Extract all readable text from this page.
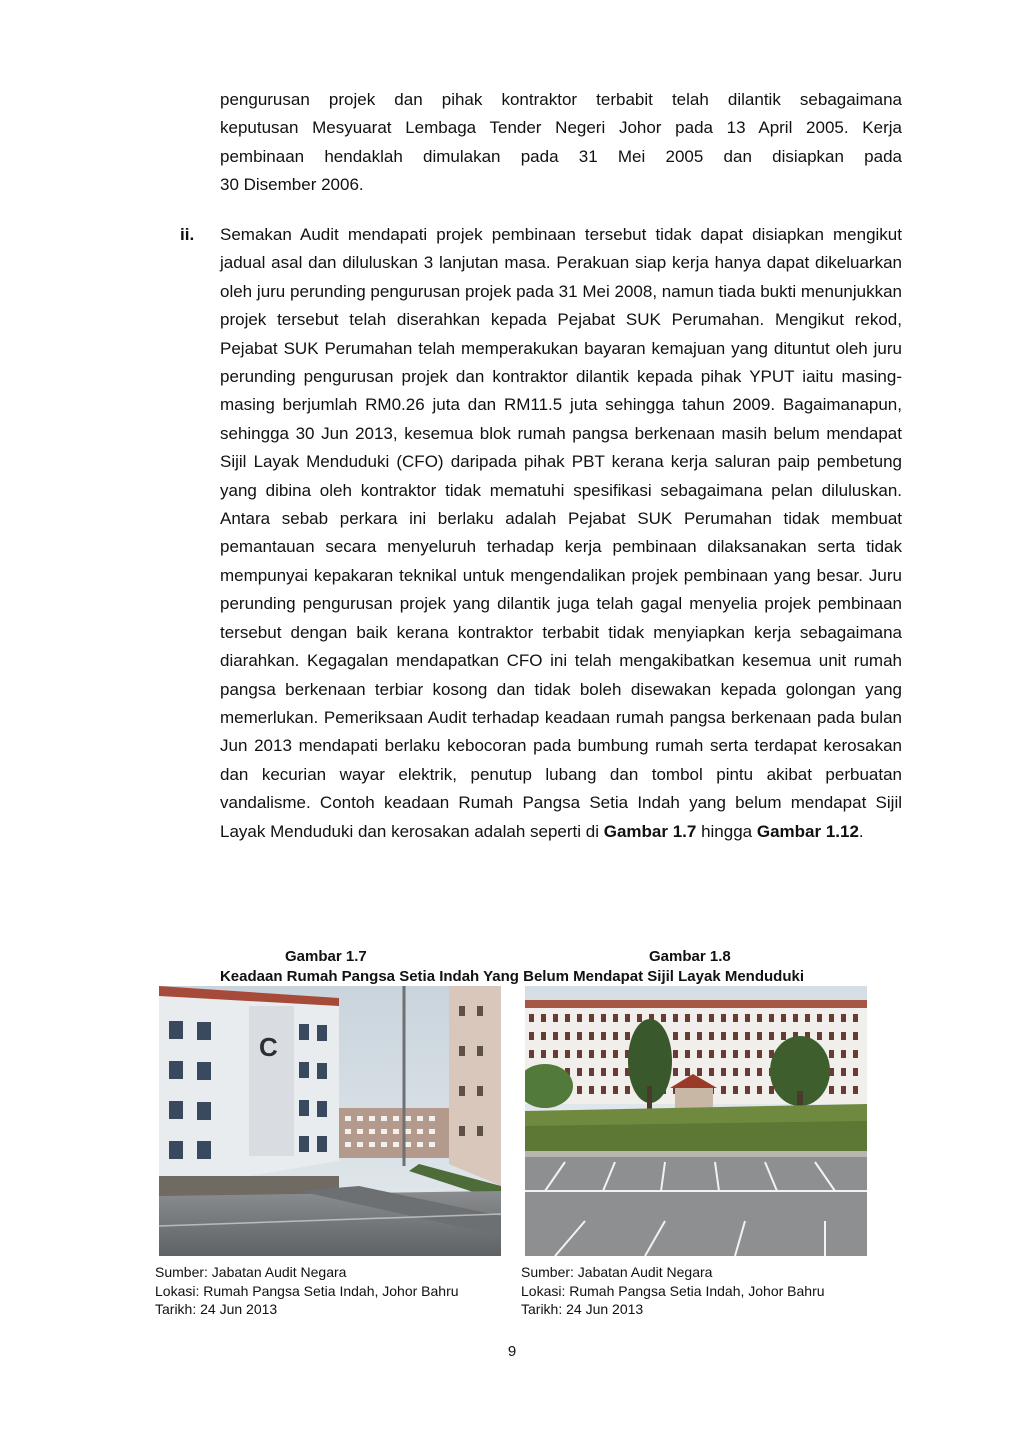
pengurusan projek dan pihak kontraktor terbabit telah dilantik sebagaimana

keputusan Mesyuarat Lembaga Tender Negeri Johor pada 13 April 2005. Kerja

pembinaan hendaklah dimulakan pada 31 Mei 2005 dan disiapkan pada

30 Disember 2006.

ii. Semakan Audit mendapati projek pembinaan tersebut tidak dapat disiapkan mengikut jadual asal dan diluluskan 3 lanjutan masa. Perakuan siap kerja hanya dapat dikeluarkan oleh juru perunding pengurusan projek pada 31 Mei 2008, namun tiada bukti menunjukkan projek tersebut telah diserahkan kepada Pejabat SUK Perumahan. Mengikut rekod, Pejabat SUK Perumahan telah memperakukan bayaran kemajuan yang dituntut oleh juru perunding pengurusan projek dan kontraktor dilantik kepada pihak YPUT iaitu masing-masing berjumlah RM0.26 juta dan RM11.5 juta sehingga tahun 2009. Bagaimanapun, sehingga 30 Jun 2013, kesemua blok rumah pangsa berkenaan masih belum mendapat Sijil Layak Menduduki (CFO) daripada pihak PBT kerana kerja saluran paip pembetung yang dibina oleh kontraktor tidak mematuhi spesifikasi sebagaimana pelan diluluskan. Antara sebab perkara ini berlaku adalah Pejabat SUK Perumahan tidak membuat pemantauan secara menyeluruh terhadap kerja pembinaan dilaksanakan serta tidak mempunyai kepakaran teknikal untuk mengendalikan projek pembinaan yang besar. Juru perunding pengurusan projek yang dilantik juga telah gagal menyelia projek pembinaan tersebut dengan baik kerana kontraktor terbabit tidak menyiapkan kerja sebagaimana diarahkan. Kegagalan mendapatkan CFO ini telah mengakibatkan kesemua unit rumah pangsa berkenaan terbiar kosong dan tidak boleh disewakan kepada golongan yang memerlukan. Pemeriksaan Audit terhadap keadaan rumah pangsa berkenaan pada bulan Jun 2013 mendapati berlaku kebocoran pada bumbung rumah serta terdapat kerosakan dan kecurian wayar elektrik, penutup lubang dan tombol pintu akibat perbuatan vandalisme. Contoh keadaan Rumah Pangsa Setia Indah yang belum mendapat Sijil Layak Menduduki dan kerosakan adalah seperti di Gambar 1.7 hingga Gambar 1.12.
Gambar 1.7	Gambar 1.8
Keadaan Rumah Pangsa Setia Indah Yang Belum Mendapat Sijil Layak Menduduki
C
Sumber: Jabatan Audit Negara
Lokasi: Rumah Pangsa Setia Indah, Johor Bahru
Tarikh: 24 Jun 2013
Sumber: Jabatan Audit Negara
Lokasi: Rumah Pangsa Setia Indah, Johor Bahru
Tarikh: 24 Jun 2013
9
